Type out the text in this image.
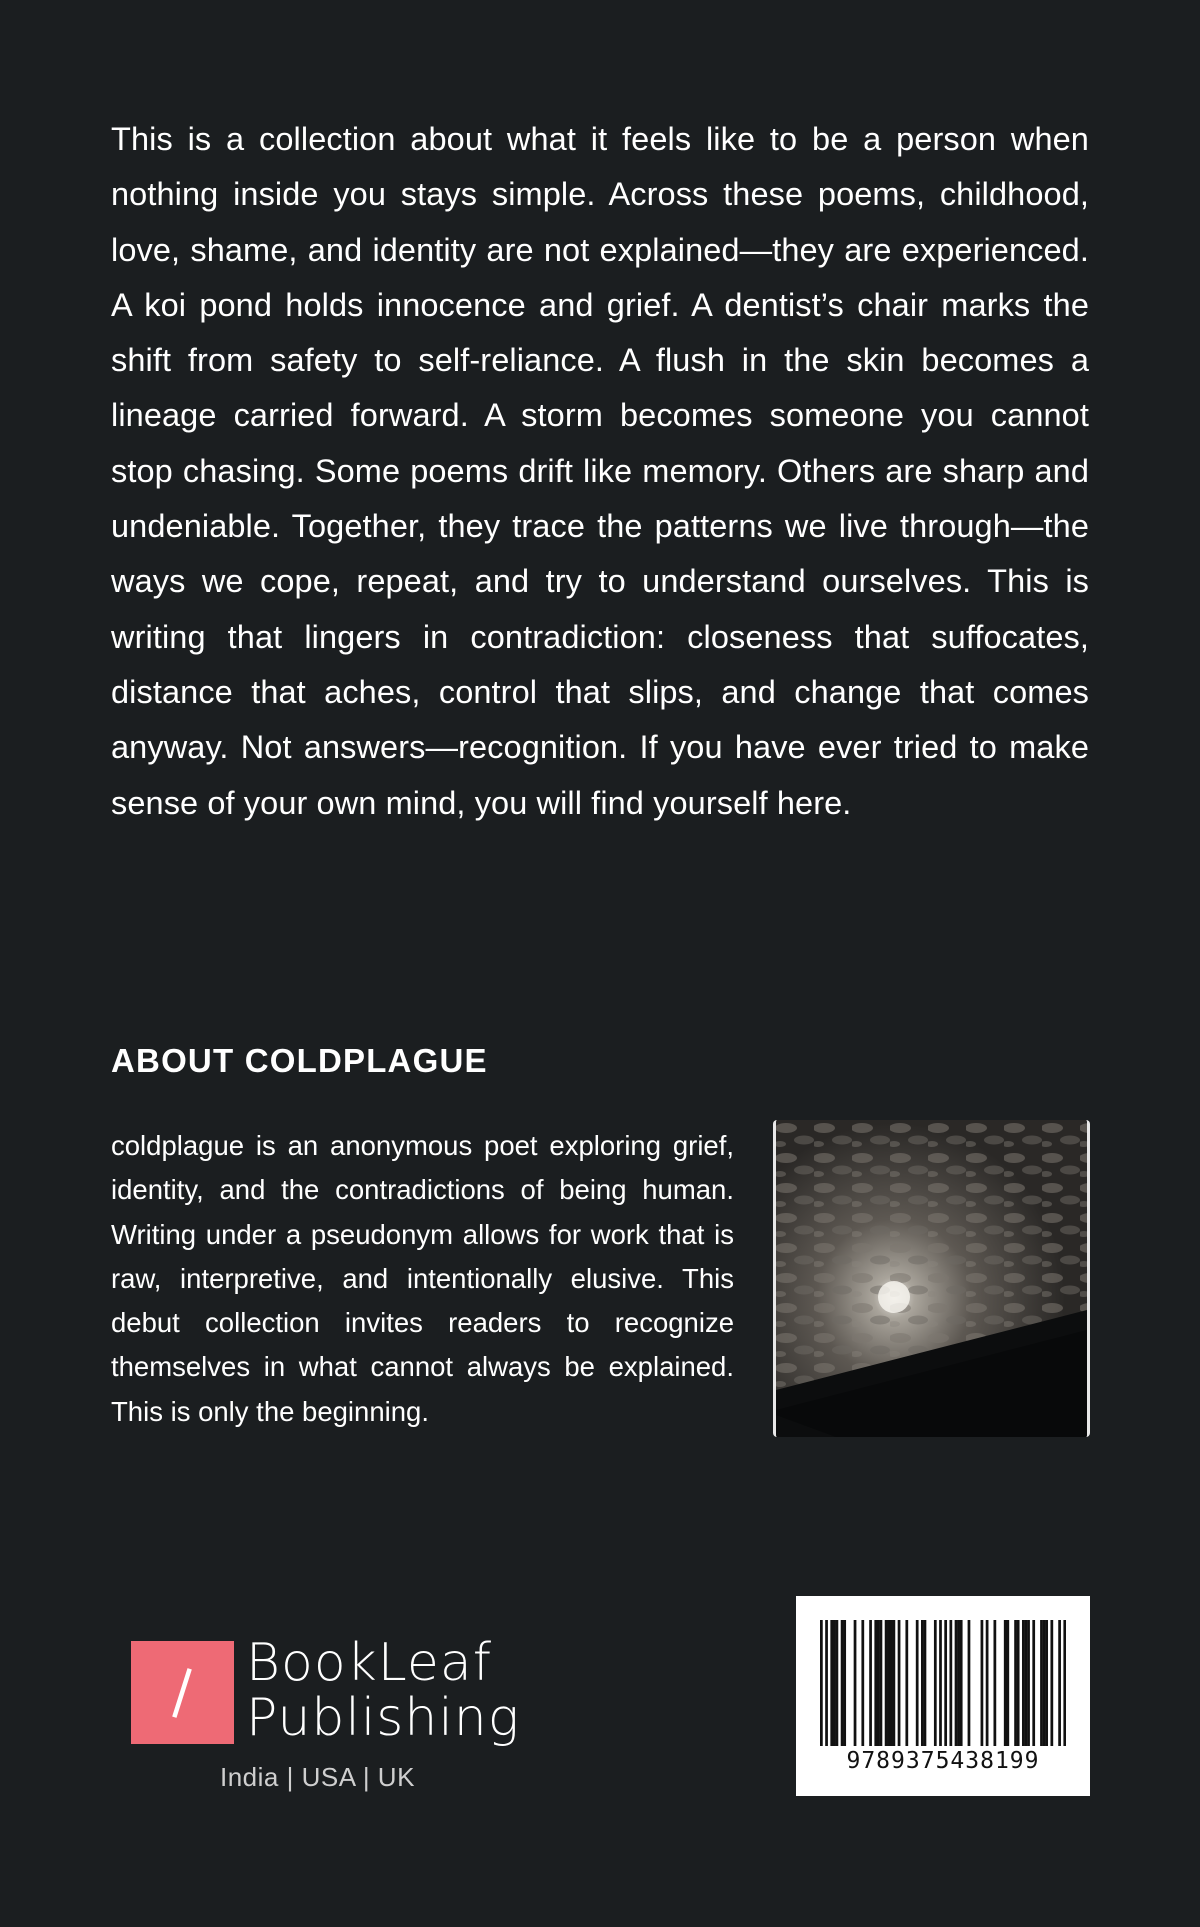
This is a collection about what it feels like to be a person when nothing inside you stays simple. Across these poems, childhood, love, shame, and identity are not explained—they are experienced. A koi pond holds innocence and grief. A dentist’s chair marks the shift from safety to self-reliance. A flush in the skin becomes a lineage carried forward. A storm becomes someone you cannot stop chasing. Some poems drift like memory. Others are sharp and undeniable. Together, they trace the patterns we live through—the ways we cope, repeat, and try to understand ourselves. This is writing that lingers in contradiction: closeness that suffocates, distance that aches, control that slips, and change that comes anyway. Not answers—recognition. If you have ever tried to make sense of your own mind, you will find yourself here.

ABOUT COLDPLAGUE

coldplague is an anonymous poet exploring grief, identity, and the contradictions of being human. Writing under a pseudonym allows for work that is raw, interpretive, and intentionally elusive. This debut collection invites readers to recognize themselves in what cannot always be explained. This is only the beginning.

BookLeaf

Publishing

India | USA | UK

9789375438199
